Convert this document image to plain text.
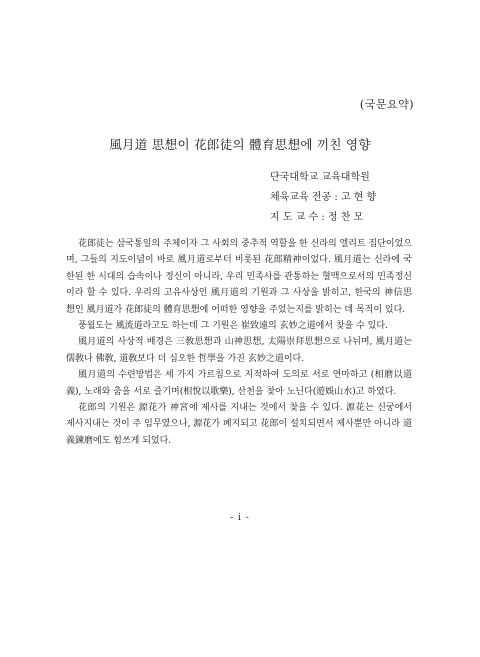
(국문요약)
風月道 思想이 花郎徒의 體育思想에 끼친 영향
단국대학교 교육대학원
체육교육 전공 : 고 현 향
지 도 교 수 : 정 찬 모

花郎徒는 삼국통일의 주체이자 그 사회의 중추적 역할을 한 신라의 엘리트 집단이었으며, 그들의 지도이념이 바로 風月道로부터 비롯된 花郎精神이었다. 風月道는 신라에 국한된 한 시대의 습속이나 정신이 아니라, 우리 민족사를 관통하는 혈맥으로서의 민족정신이라 할 수 있다. 우리의 고유사상인 風月道의 기원과 그 사상을 밝히고, 한국의 神信思想인 風月道가 花郎徒의 體育思想에 어떠한 영향을 주었는지를 밝히는 데 목적이 있다.

풍월도는 風流道라고도 하는데 그 기원은 崔致遠의 玄妙之道에서 찾을 수 있다.

風月道의 사상적 배경은 三敎思想과 山神思想, 太陽崇拜思想으로 나뉘며, 風月道는 儒敎나 佛敎, 道敎보다 더 심오한 哲學을 가진 玄妙之道이다.

風月道의 수련방법은 세 가지 가르침으로 지적하여 도의로 서로 연마하고 (相磨以道義), 노래와 춤을 서로 즐기며(相悅以歌樂), 산천을 찾아 노닌다(遊娛山水)고 하였다.

花郎의 기원은 源花가 神宮에 제사를 지내는 것에서 찾을 수 있다. 源花는 신궁에서 제사지내는 것이 주 임무였으나, 源花가 폐지되고 花郎이 설치되면서 제사뿐만 아니라 道義鍊磨에도 힘쓰게 되었다.

- i -
